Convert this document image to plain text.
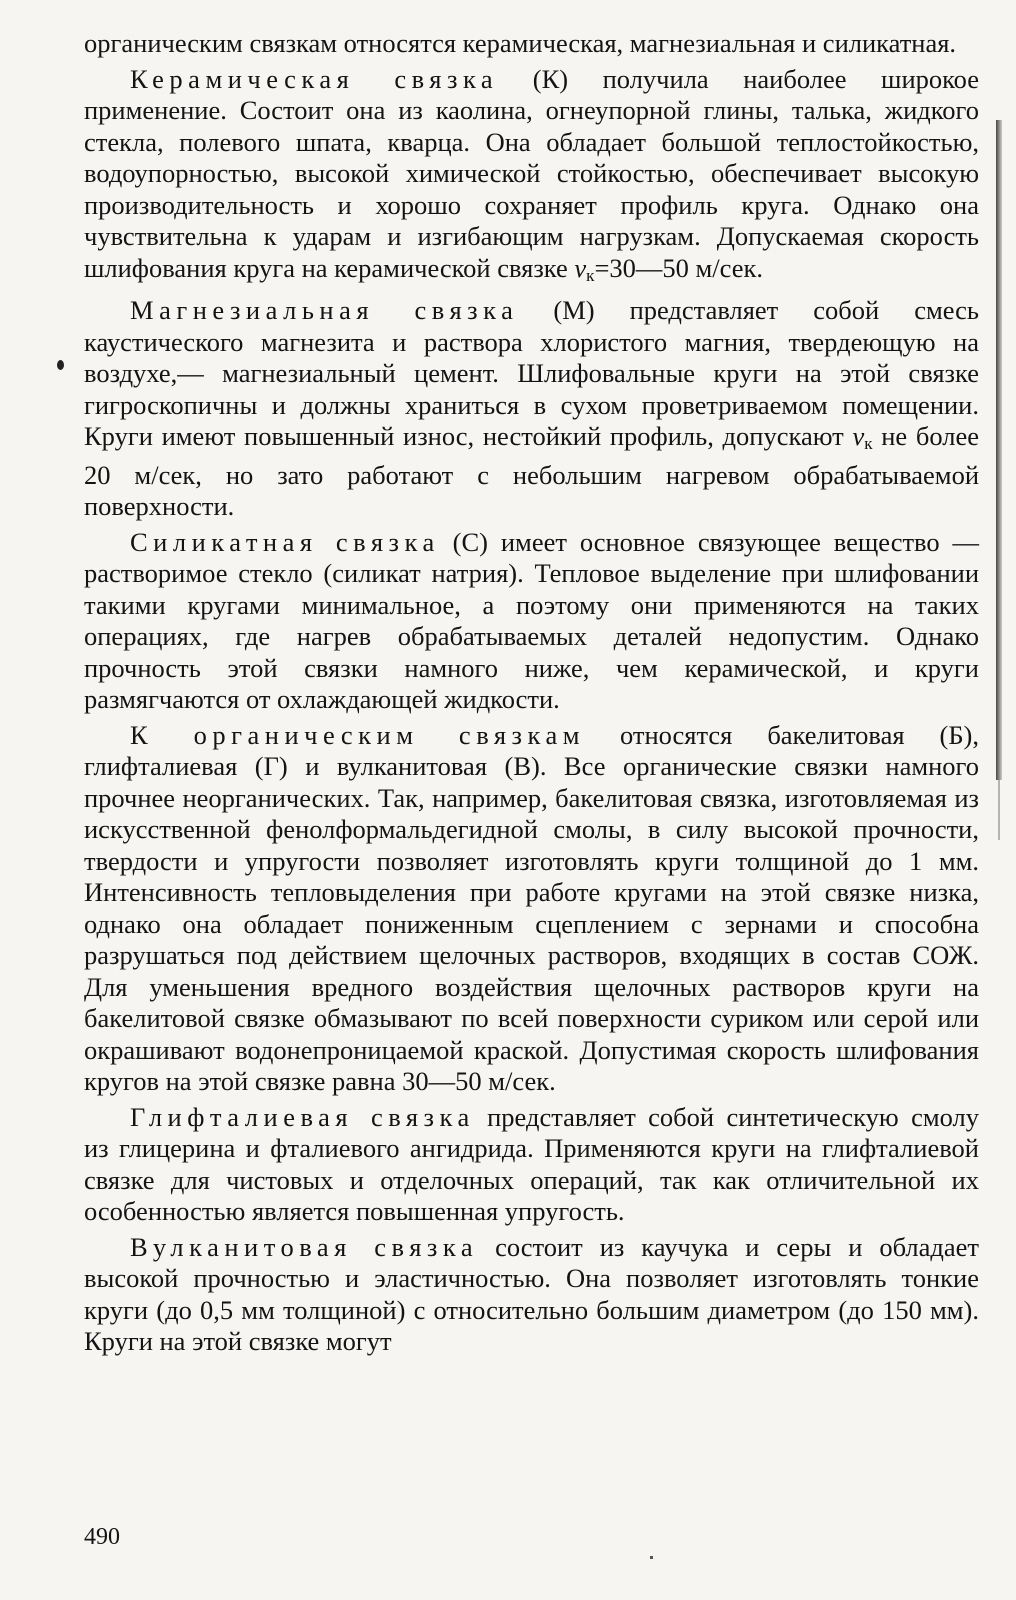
органическим связкам относятся керамическая, магнезиальная и силикатная.

Керамическая связка (К) получила наиболее широкое применение. Состоит она из каолина, огнеупорной глины, талька, жидкого стекла, полевого шпата, кварца. Она обладает большой теплостойкостью, водоупорностью, высокой химической стойкостью, обеспечивает высокую производительность и хорошо сохраняет профиль круга. Однако она чувствительна к ударам и изгибающим нагрузкам. Допускаемая скорость шлифования круга на керамической связке $v_к=30—50$ м/сек.

Магнезиальная связка (М) представляет собой смесь каустического магнезита и раствора хлористого магния, твердеющую на воздухе,— магнезиальный цемент. Шлифовальные круги на этой связке гигроскопичны и должны храниться в сухом проветриваемом помещении. Круги имеют повышенный износ, нестойкий профиль, допускают $v_к$ не более 20 м/сек, но зато работают с небольшим нагревом обрабатываемой поверхности.

Силикатная связка (С) имеет основное связующее вещество — растворимое стекло (силикат натрия). Тепловое выделение при шлифовании такими кругами минимальное, а поэтому они применяются на таких операциях, где нагрев обрабатываемых деталей недопустим. Однако прочность этой связки намного ниже, чем керамической, и круги размягчаются от охлаждающей жидкости.

К органическим связкам относятся бакелитовая (Б), глифталиевая (Г) и вулканитовая (В). Все органические связки намного прочнее неорганических. Так, например, бакелитовая связка, изготовляемая из искусственной фенолформальдегидной смолы, в силу высокой прочности, твердости и упругости позволяет изготовлять круги толщиной до 1 мм. Интенсивность тепловыделения при работе кругами на этой связке низка, однако она обладает пониженным сцеплением с зернами и способна разрушаться под действием щелочных растворов, входящих в состав СОЖ. Для уменьшения вредного воздействия щелочных растворов круги на бакелитовой связке обмазывают по всей поверхности суриком или серой или окрашивают водонепроницаемой краской. Допустимая скорость шлифования кругов на этой связке равна 30—50 м/сек.

Глифталиевая связка представляет собой синтетическую смолу из глицерина и фталиевого ангидрида. Применяются круги на глифталиевой связке для чистовых и отделочных операций, так как отличительной их особенностью является повышенная упругость.

Вулканитовая связка состоит из каучука и серы и обладает высокой прочностью и эластичностью. Она позволяет изготовлять тонкие круги (до 0,5 мм толщиной) с относительно большим диаметром (до 150 мм). Круги на этой связке могут

490
